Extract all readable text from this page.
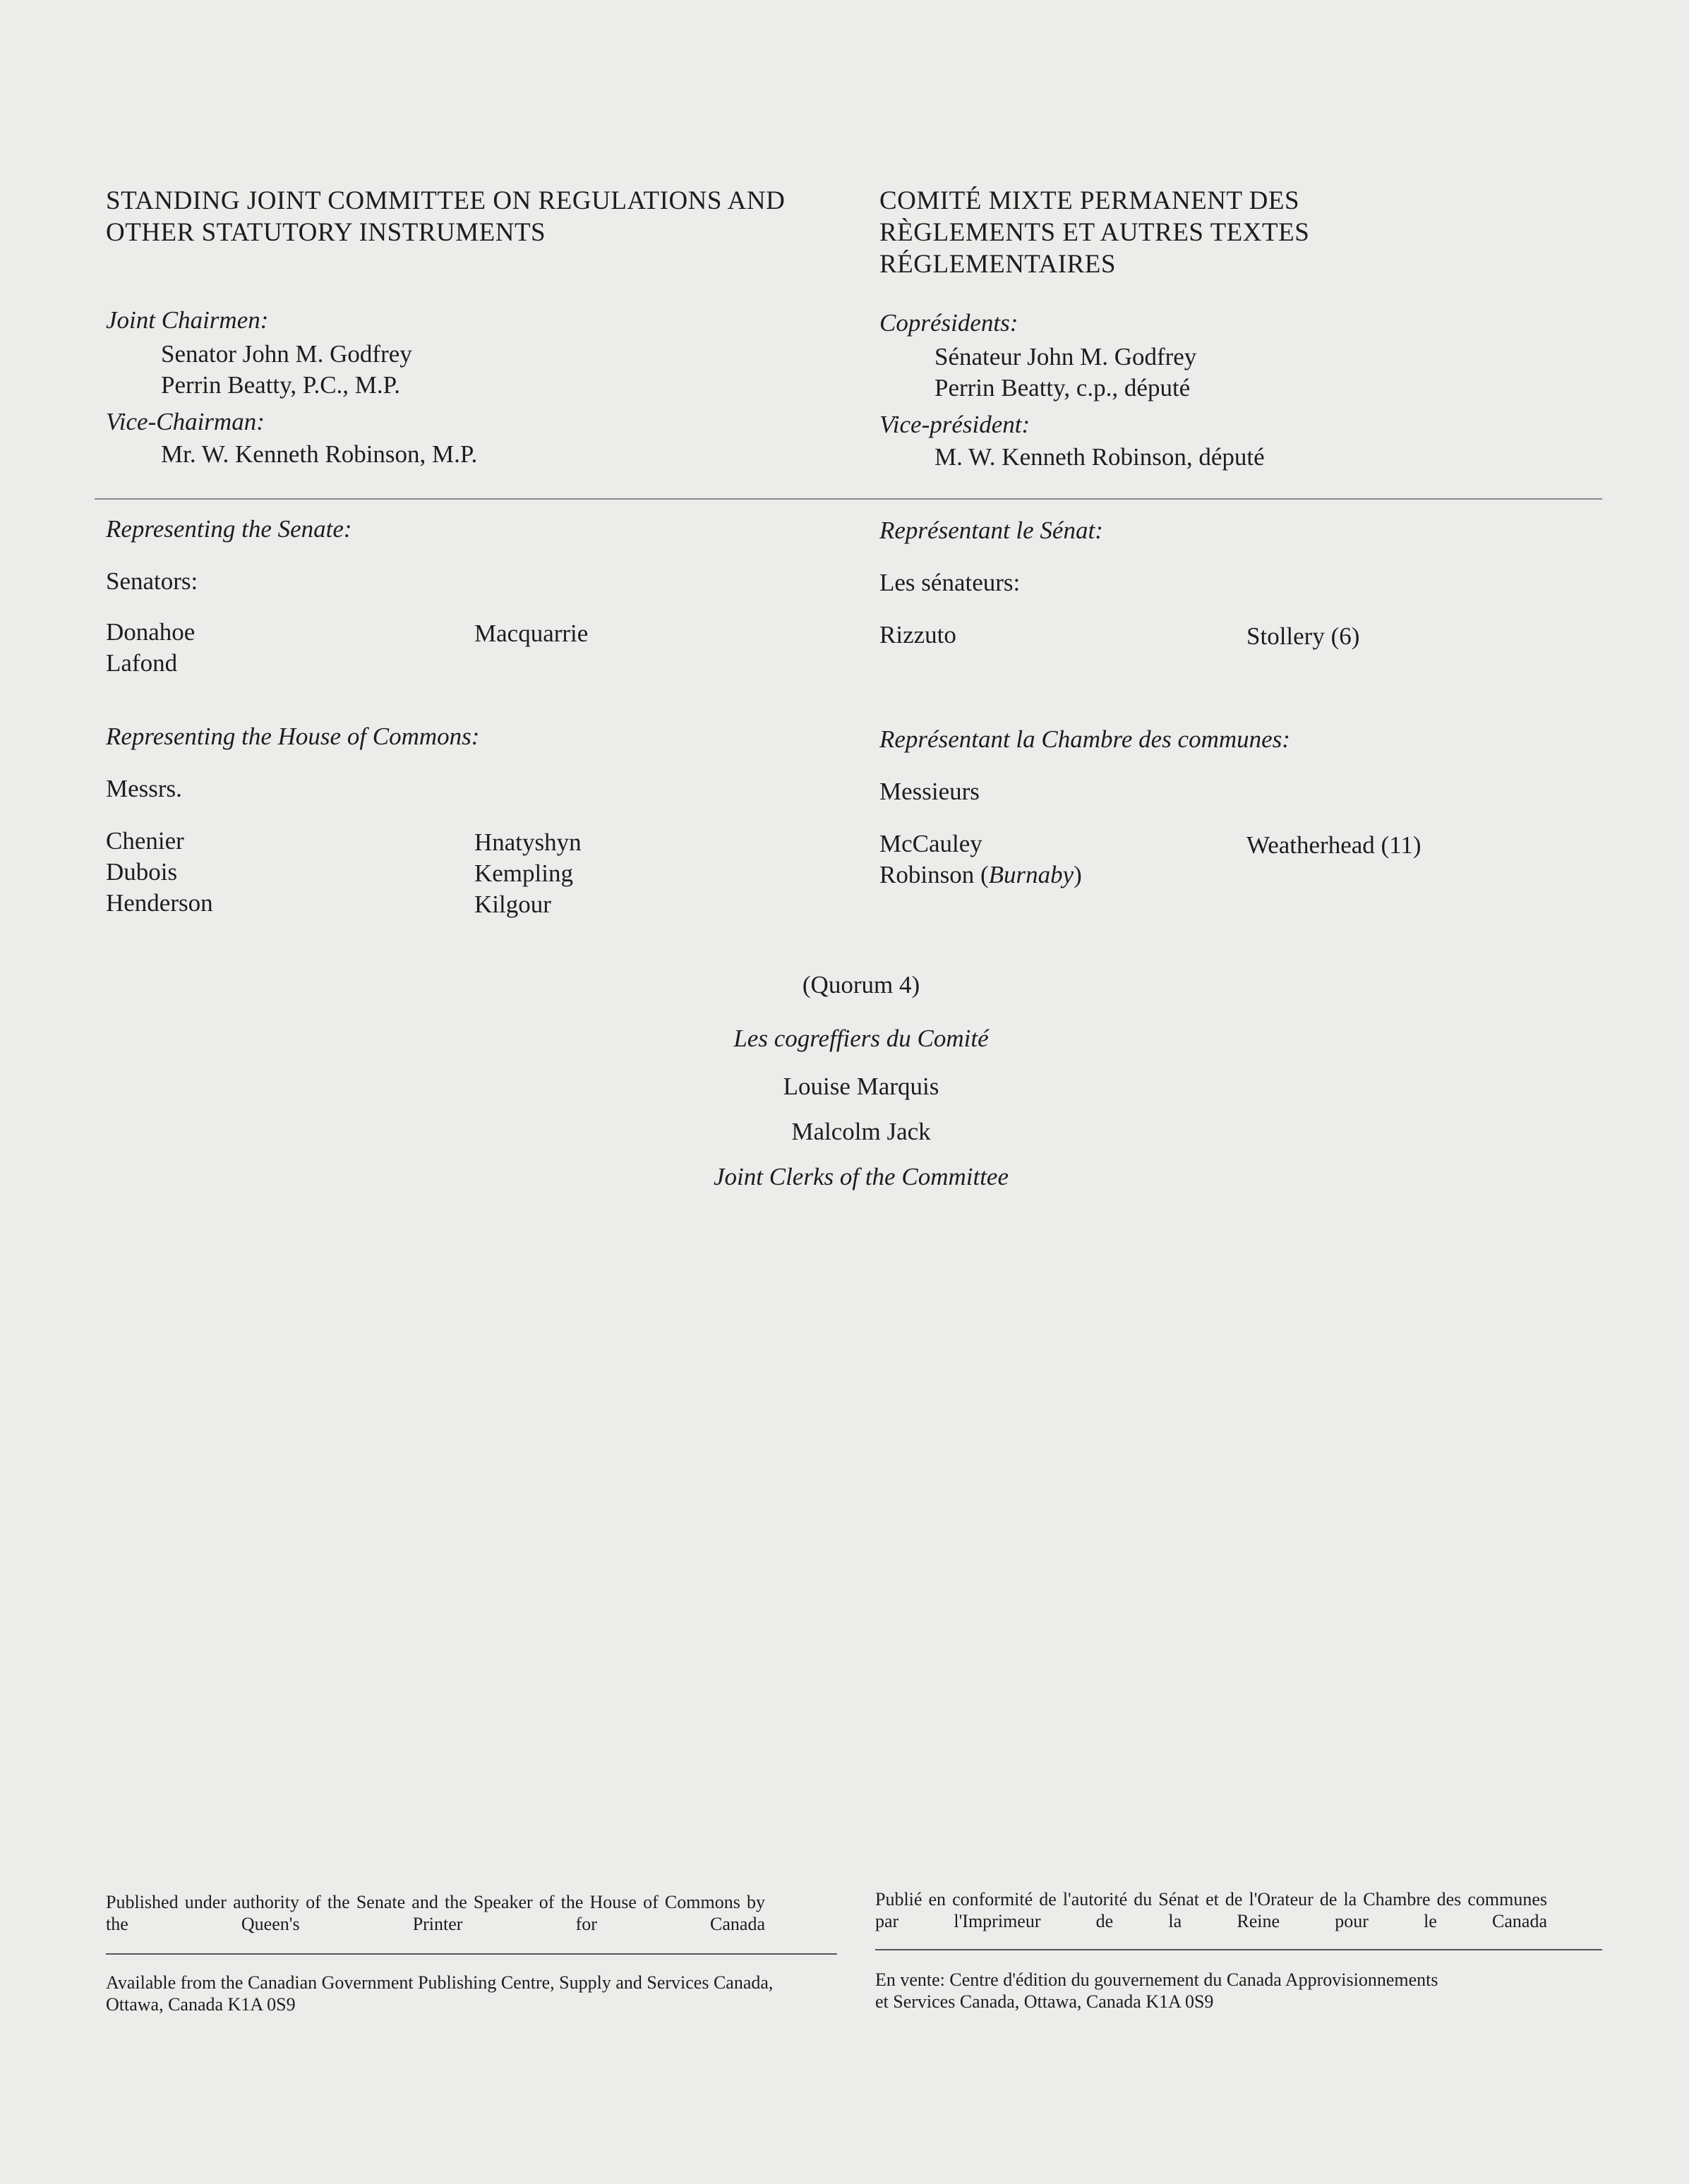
STANDING JOINT COMMITTEE ON REGULATIONS AND OTHER STATUTORY INSTRUMENTS
COMITÉ MIXTE PERMANENT DES RÈGLEMENTS ET AUTRES TEXTES RÉGLEMENTAIRES
Joint Chairmen:
Senator John M. Godfrey
Perrin Beatty, P.C., M.P.
Vice-Chairman:
Mr. W. Kenneth Robinson, M.P.
Coprésidents:
Sénateur John M. Godfrey
Perrin Beatty, c.p., député
Vice-président:
M. W. Kenneth Robinson, député
Representing the Senate:
Senators:
Donahoe
Lafond
Macquarrie
Représentant le Sénat:
Les sénateurs:
Rizzuto	Stollery (6)
Representing the House of Commons:
Messrs.
Chenier
Dubois
Henderson
Hnatyshyn
Kempling
Kilgour
Représentant la Chambre des communes:
Messieurs
McCauley
Robinson (Burnaby)
Weatherhead (11)
(Quorum 4)
Les cogreffiers du Comité
Louise Marquis
Malcolm Jack
Joint Clerks of the Committee
Published under authority of the Senate and the Speaker of the House of Commons by the Queen's Printer for Canada
Publié en conformité de l'autorité du Sénat et de l'Orateur de la Chambre des communes par l'Imprimeur de la Reine pour le Canada
Available from the Canadian Government Publishing Centre, Supply and Services Canada, Ottawa, Canada K1A 0S9
En vente: Centre d'édition du gouvernement du Canada Approvisionnements et Services Canada, Ottawa, Canada K1A 0S9
